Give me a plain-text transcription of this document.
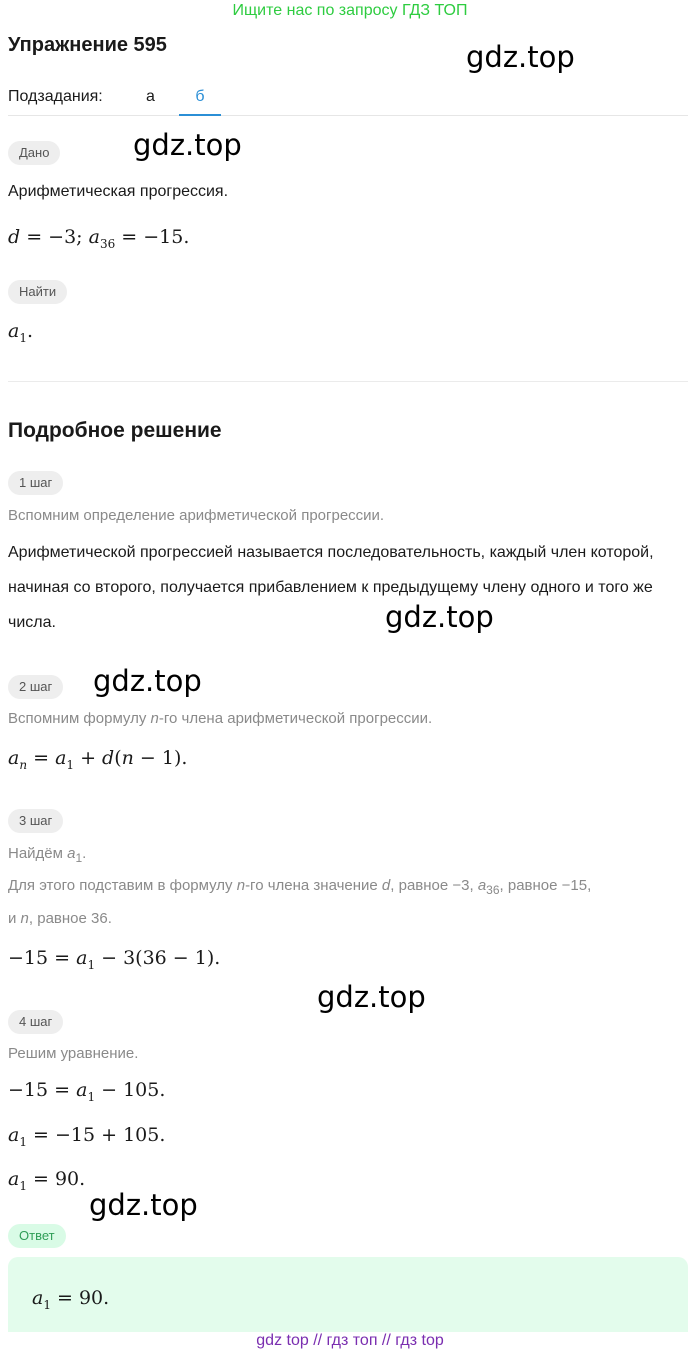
Ищите нас по запросу ГДЗ ТОП
Упражнение 595	gdz.top
Подзадания:	а	б
Дано	gdz.top
Арифметическая прогрессия.
d = −3; $a_{36} = -15$.
Найти
$a_1$.
Подробное решение
1 шаг
Вспомним определение арифметической прогрессии.
Арифметической прогрессией называется последовательность, каждый член которой, начиная со второго, получается прибавлением к предыдущему члену одного и того же числа.	gdz.top
2 шаг	gdz.top
Вспомним формулу n-го члена арифметической прогрессии.
$a_n = a_1 + d(n - 1)$.
3 шаг
Найдём $a_1$.
Для этого подставим в формулу n-го члена значение d, равное −3, $a_{36}$, равное −15,
и n, равное 36.
$-15 = a_1 - 3(36 - 1)$.
gdz.top
4 шаг
Решим уравнение.
$-15 = a_1 - 105$.
$a_1 = -15 + 105$.
$a_1 = 90$.
gdz.top
Ответ
$a_1 = 90$.
gdz top // гдз топ // гдз top
